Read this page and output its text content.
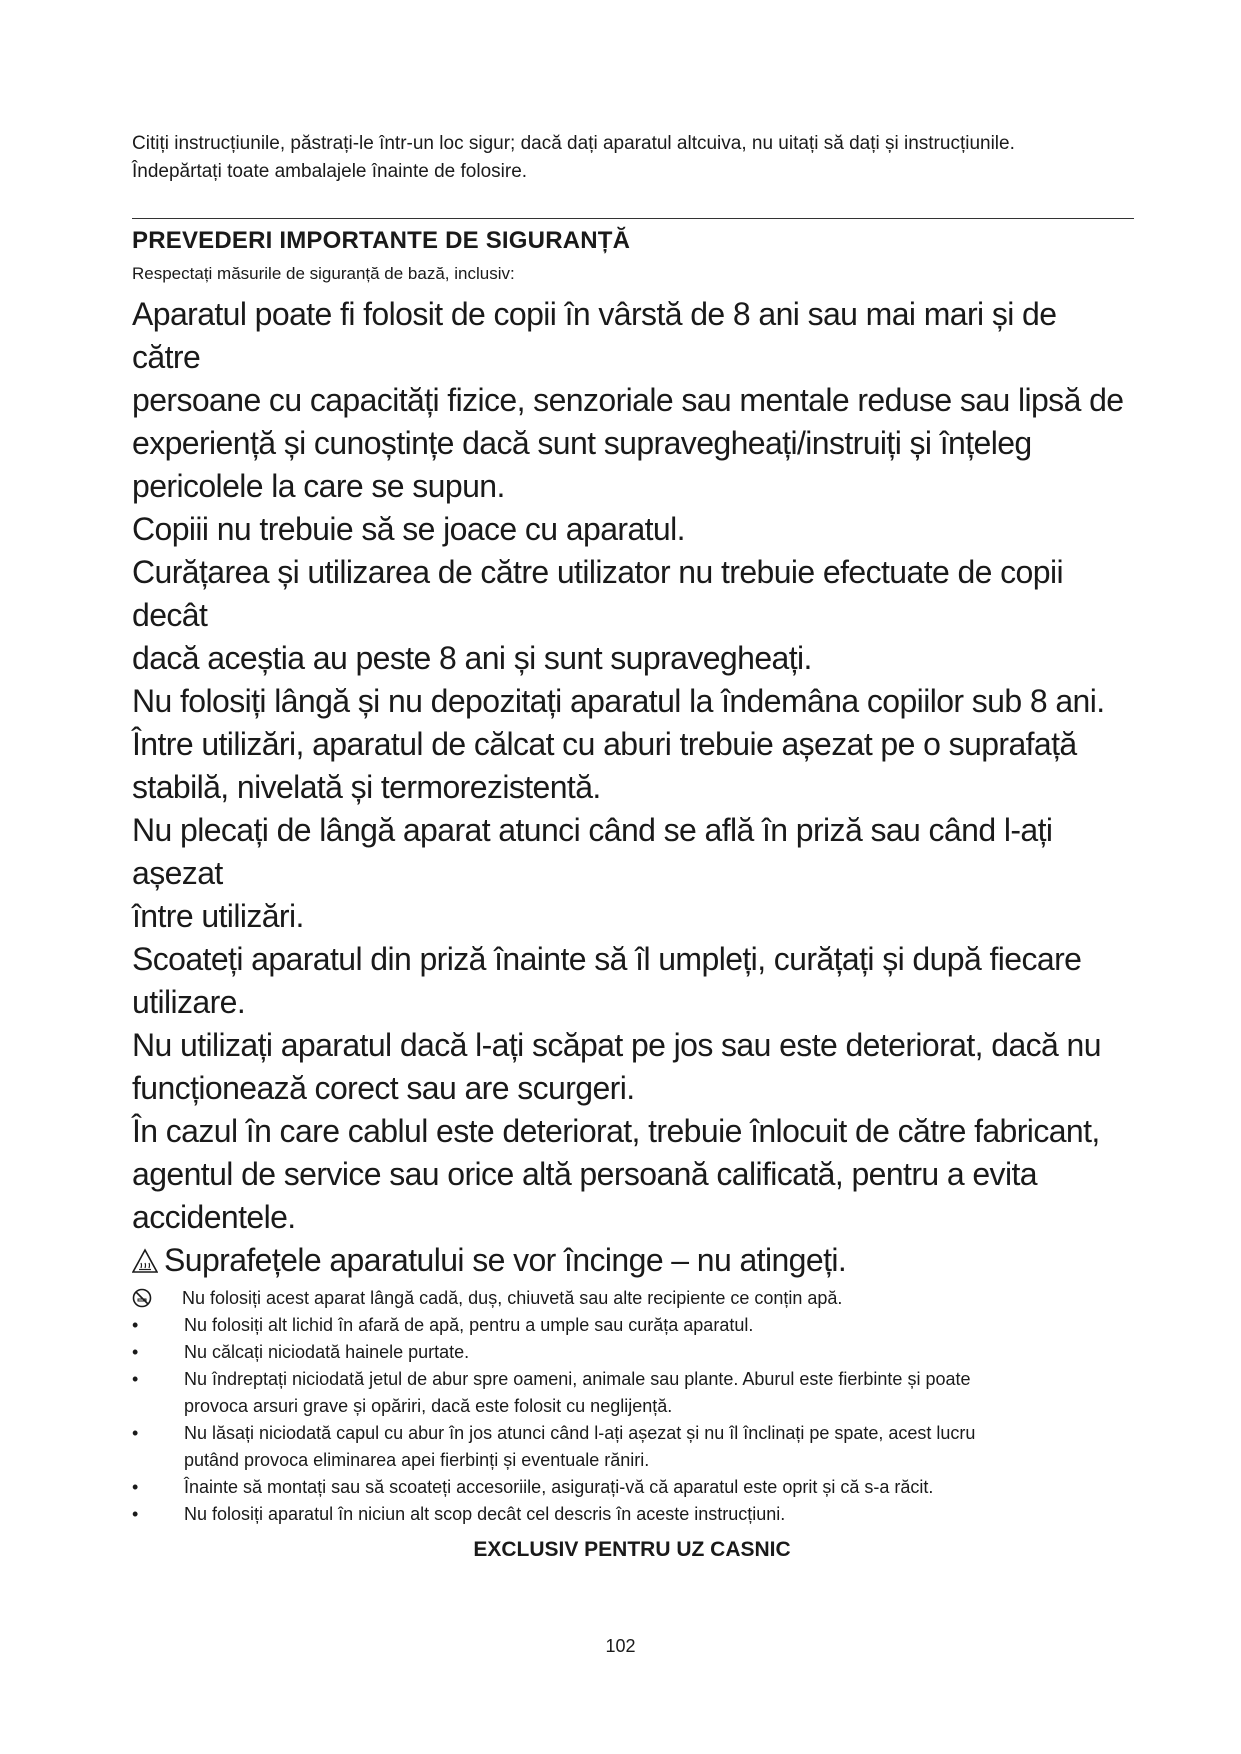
Citiți instrucțiunile, păstrați-le într-un loc sigur; dacă dați aparatul altcuiva, nu uitați să dați și instrucțiunile.
Îndepărtați toate ambalajele înainte de folosire.

PREVEDERI IMPORTANTE DE SIGURANȚĂ
Respectați măsurile de siguranță de bază, inclusiv:
Aparatul poate fi folosit de copii în vârstă de 8 ani sau mai mari și de către
persoane cu capacități fizice, senzoriale sau mentale reduse sau lipsă de
experiență și cunoștințe dacă sunt supravegheați/instruiți și înțeleg
pericolele la care se supun.
Copiii nu trebuie să se joace cu aparatul.
Curățarea și utilizarea de către utilizator nu trebuie efectuate de copii decât
dacă aceștia au peste 8 ani și sunt supravegheați.
Nu folosiți lângă și nu depozitați aparatul la îndemâna copiilor sub 8 ani.
Între utilizări, aparatul de călcat cu aburi trebuie așezat pe o suprafață
stabilă, nivelată și termorezistentă.
Nu plecați de lângă aparat atunci când se află în priză sau când l-ați așezat
între utilizări.
Scoateți aparatul din priză înainte să îl umpleți, curățați și după fiecare
utilizare.
Nu utilizați aparatul dacă l-ați scăpat pe jos sau este deteriorat, dacă nu
funcționează corect sau are scurgeri.
În cazul în care cablul este deteriorat, trebuie înlocuit de către fabricant,
agentul de service sau orice altă persoană calificată, pentru a evita
accidentele.
Suprafețele aparatului se vor încinge – nu atingeți.
Nu folosiți acest aparat lângă cadă, duș, chiuvetă sau alte recipiente ce conțin apă.
•	Nu folosiți alt lichid în afară de apă, pentru a umple sau curăța aparatul.
•	Nu călcați niciodată hainele purtate.
•	Nu îndreptați niciodată jetul de abur spre oameni, animale sau plante. Aburul este fierbinte și poate
provoca arsuri grave și opăriri, dacă este folosit cu neglijență.
•	Nu lăsați niciodată capul cu abur în jos atunci când l-ați așezat și nu îl înclinați pe spate, acest lucru
putând provoca eliminarea apei fierbinți și eventuale răniri.
•	Înainte să montați sau să scoateți accesoriile, asigurați-vă că aparatul este oprit și că s-a răcit.
•	Nu folosiți aparatul în niciun alt scop decât cel descris în aceste instrucțiuni.
EXCLUSIV PENTRU UZ CASNIC
102
